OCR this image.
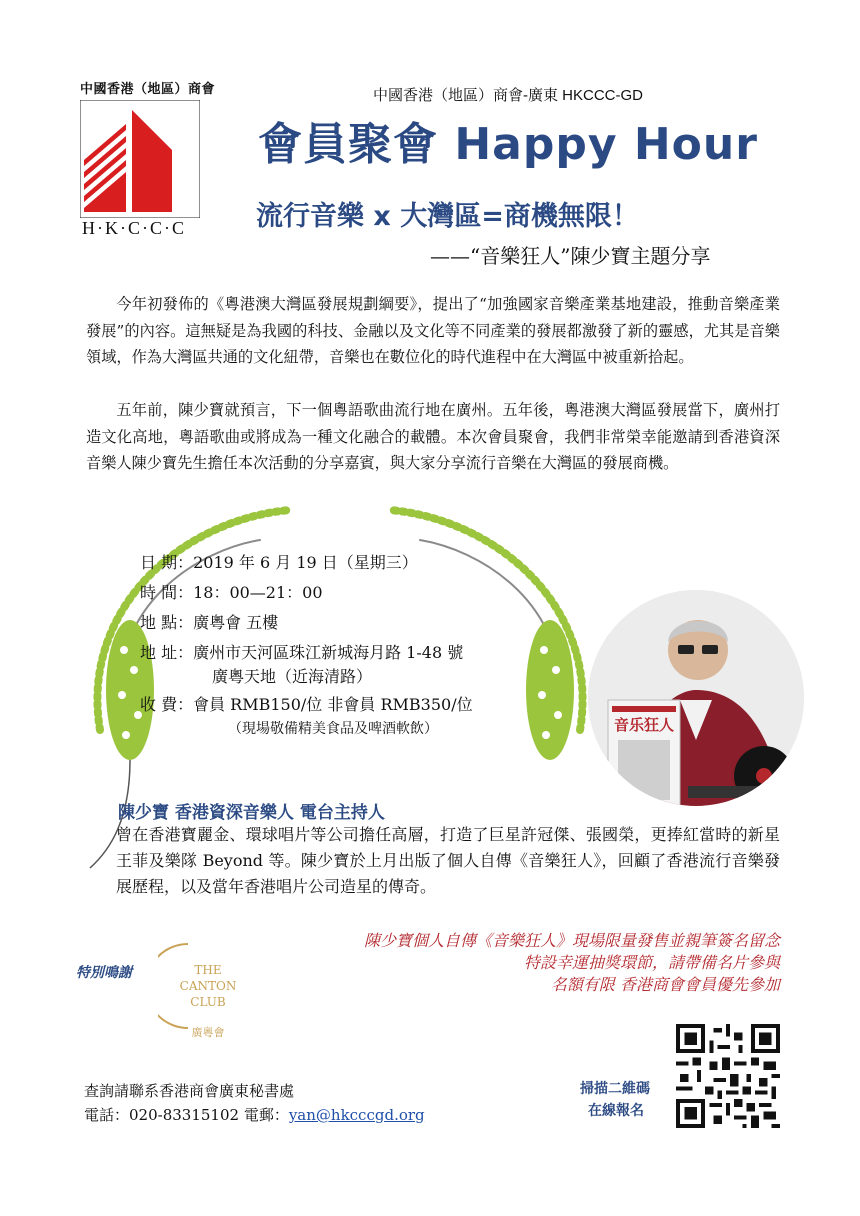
中國香港（地區）商會
H·K·C·C·C
中國香港（地區）商會-廣東 HKCCC-GD
會員聚會 Happy Hour
流行音樂 x 大灣區=商機無限！
——“音樂狂人”陳少寶主題分享
今年初發佈的《粵港澳大灣區發展規劃綱要》，提出了“加強國家音樂產業基地建設，推動音樂產業發展”的內容。這無疑是為我國的科技、金融以及文化等不同產業的發展都激發了新的靈感，尤其是音樂領域，作為大灣區共通的文化紐帶，音樂也在數位化的時代進程中在大灣區中被重新拾起。
五年前，陳少寶就預言，下一個粵語歌曲流行地在廣州。五年後，粵港澳大灣區發展當下，廣州打造文化高地，粵語歌曲或將成為一種文化融合的載體。本次會員聚會，我們非常榮幸能邀請到香港資深音樂人陳少寶先生擔任本次活動的分享嘉賓，與大家分享流行音樂在大灣區的發展商機。
日 期：2019 年 6 月 19 日（星期三）
時 間：18：00—21：00
地 點：廣粵會 五樓
地 址：廣州市天河區珠江新城海月路 1-48 號
廣粵天地（近海清路）
收 費：會員 RMB150/位 非會員 RMB350/位
（現場敬備精美食品及啤酒軟飲）	音乐狂人
陳少寶 香港資深音樂人 電台主持人
曾在香港寶麗金、環球唱片等公司擔任高層，打造了巨星許冠傑、張國榮，更捧紅當時的新星王菲及樂隊 Beyond 等。陳少寶於上月出版了個人自傳《音樂狂人》，回顧了香港流行音樂發展歷程，以及當年香港唱片公司造星的傳奇。
陳少寶個人自傳《音樂狂人》現場限量發售並親筆簽名留念
特設幸運抽獎環節，請帶備名片參與
名額有限 香港商會會員優先參加
特別鳴謝	THE
CANTON
CLUB
廣粵會
查詢請聯系香港商會廣東秘書處
電話：020-83315102 電郵：yan@hkcccgd.org
掃描二維碼
在線報名
